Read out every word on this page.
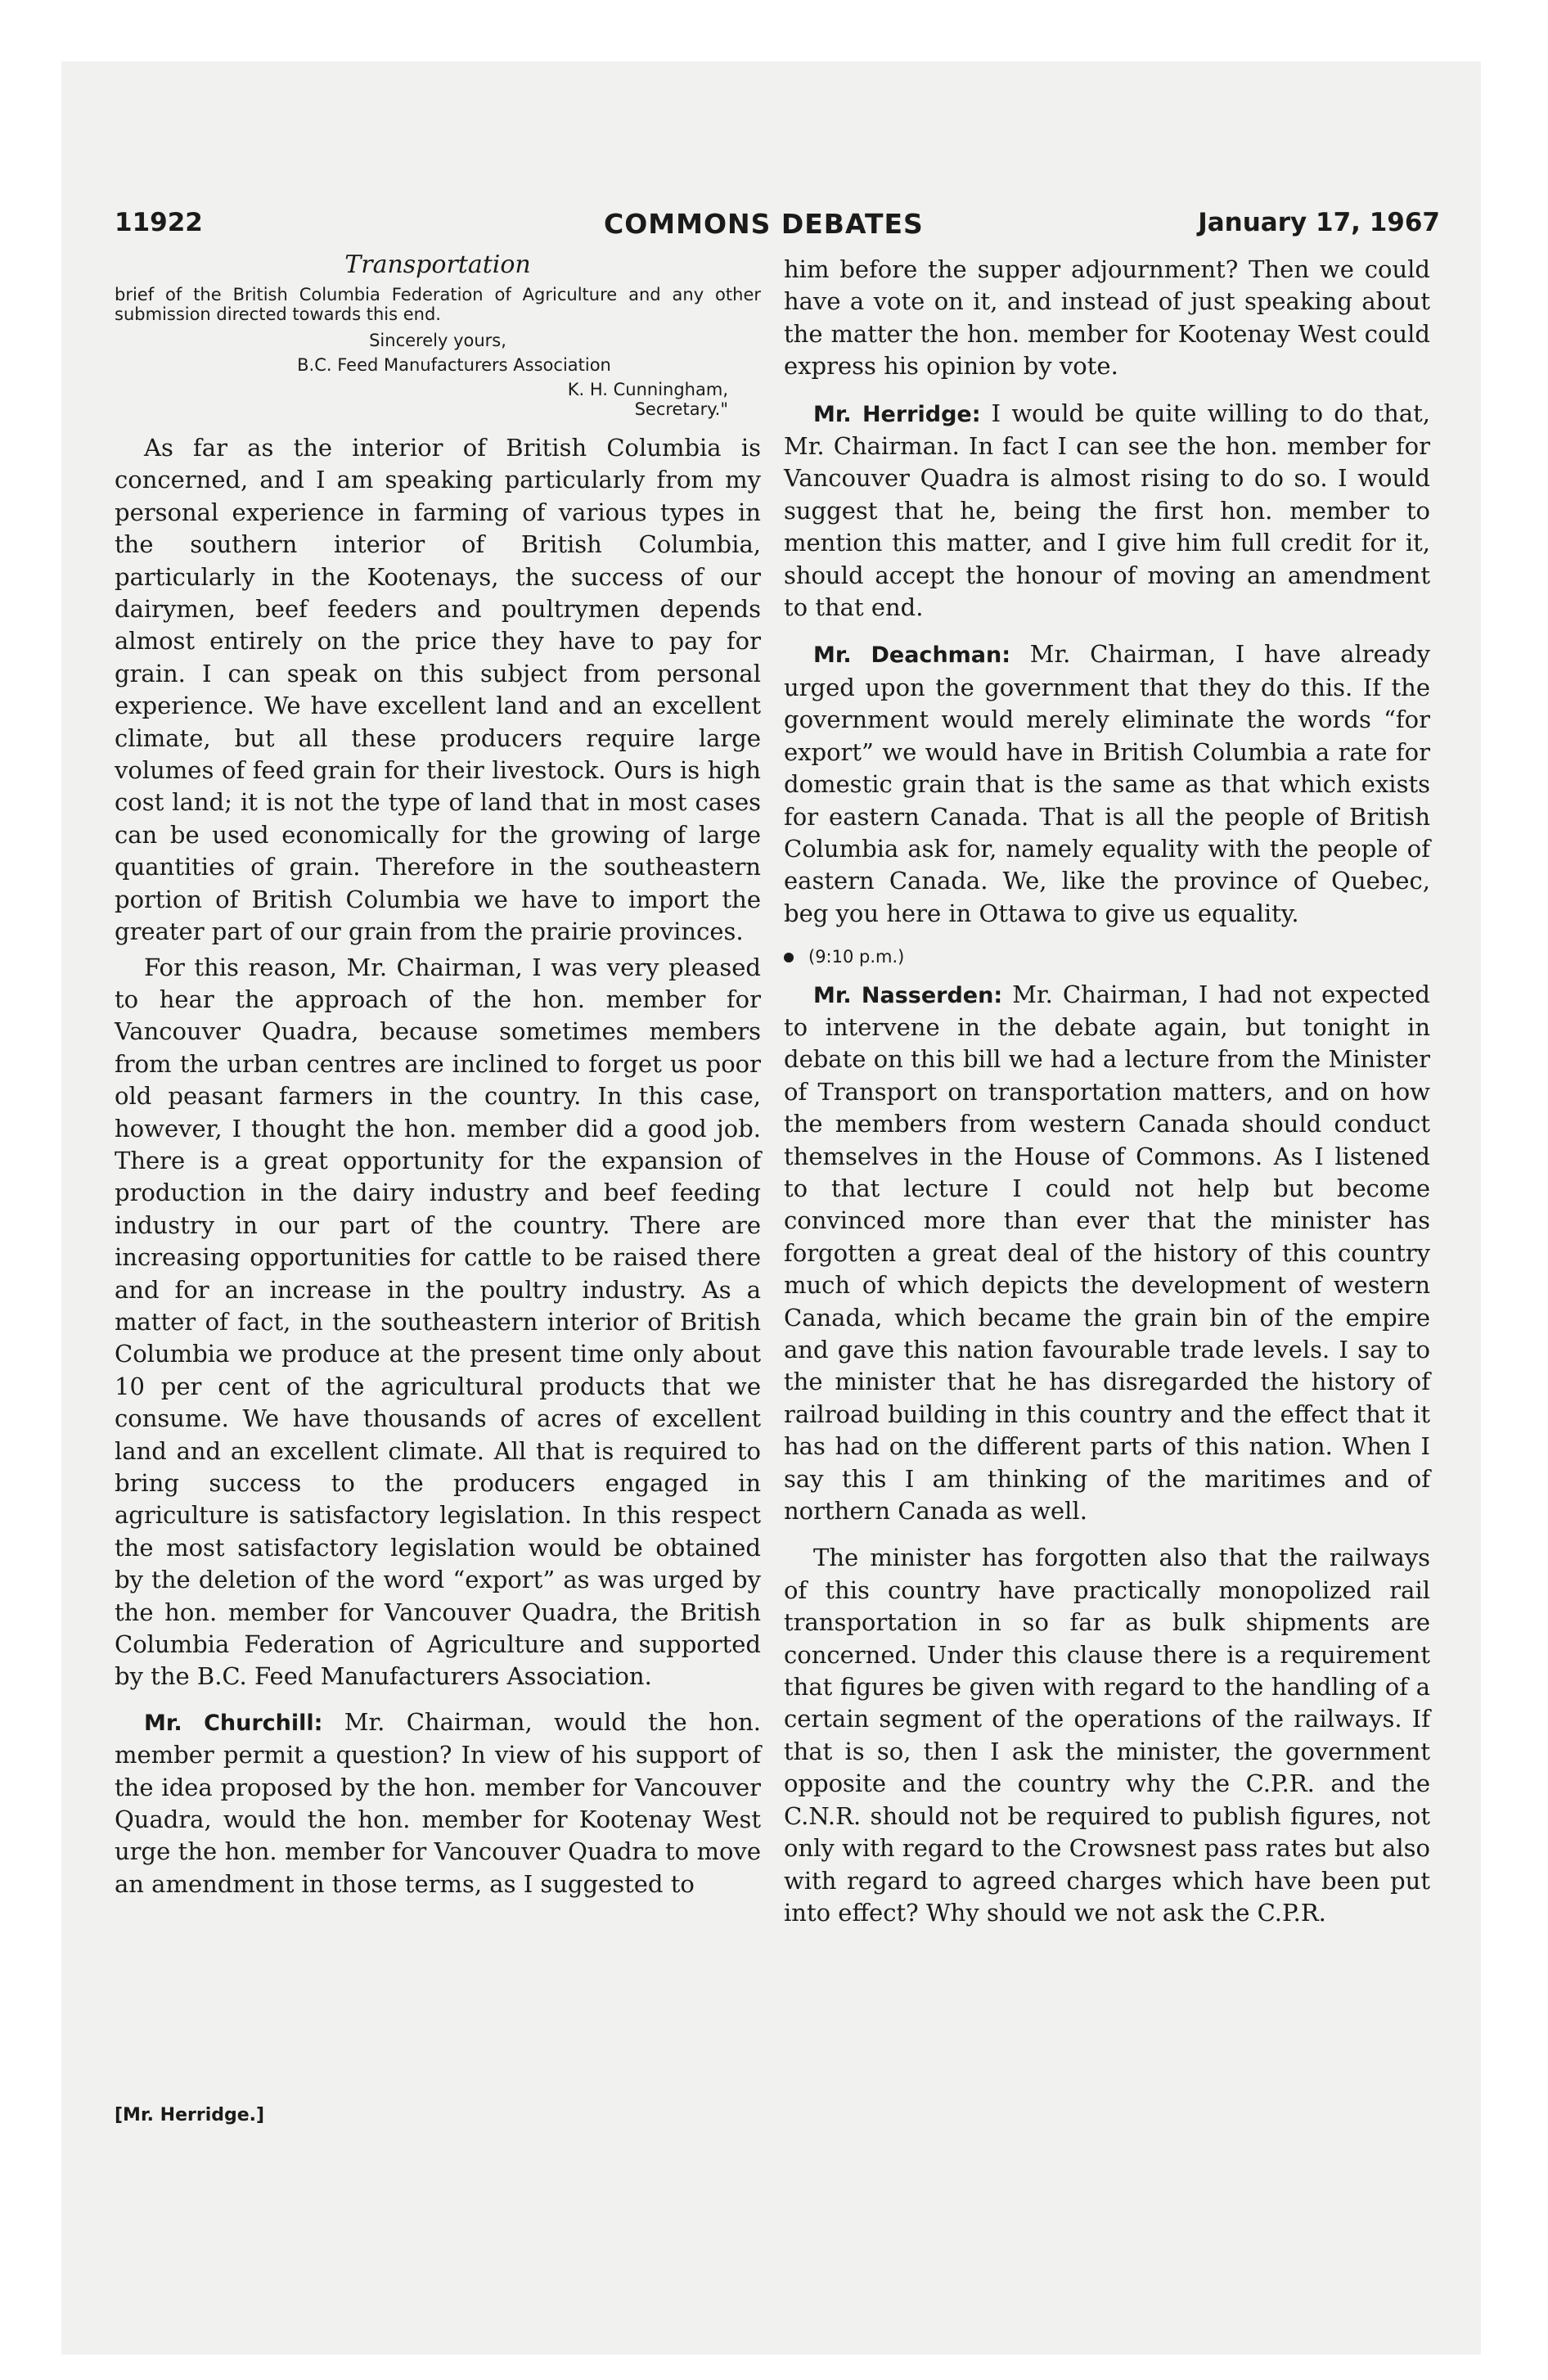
11922	COMMONS DEBATES	January 17, 1967
Transportation
brief of the British Columbia Federation of Agriculture and any other submission directed towards this end.
Sincerely yours,
B.C. Feed Manufacturers Association
K. H. Cunningham,
Secretary."

As far as the interior of British Columbia is concerned, and I am speaking particularly from my personal experience in farming of various types in the southern interior of British Columbia, particularly in the Kootenays, the success of our dairymen, beef feeders and poultrymen depends almost entirely on the price they have to pay for grain. I can speak on this subject from personal experience. We have excellent land and an excellent climate, but all these producers require large volumes of feed grain for their livestock. Ours is high cost land; it is not the type of land that in most cases can be used economically for the growing of large quantities of grain. Therefore in the southeastern portion of British Columbia we have to import the greater part of our grain from the prairie provinces.

For this reason, Mr. Chairman, I was very pleased to hear the approach of the hon. member for Vancouver Quadra, because sometimes members from the urban centres are inclined to forget us poor old peasant farmers in the country. In this case, however, I thought the hon. member did a good job. There is a great opportunity for the expansion of production in the dairy industry and beef feeding industry in our part of the country. There are increasing opportunities for cattle to be raised there and for an increase in the poultry industry. As a matter of fact, in the southeastern interior of British Columbia we produce at the present time only about 10 per cent of the agricultural products that we consume. We have thousands of acres of excellent land and an excellent climate. All that is required to bring success to the producers engaged in agriculture is satisfactory legislation. In this respect the most satisfactory legislation would be obtained by the deletion of the word “export” as was urged by the hon. member for Vancouver Quadra, the British Columbia Federation of Agriculture and supported by the B.C. Feed Manufacturers Association.

Mr. Churchill: Mr. Chairman, would the hon. member permit a question? In view of his support of the idea proposed by the hon. member for Vancouver Quadra, would the hon. member for Kootenay West urge the hon. member for Vancouver Quadra to move an amendment in those terms, as I suggested to

him before the supper adjournment? Then we could have a vote on it, and instead of just speaking about the matter the hon. member for Kootenay West could express his opinion by vote.

Mr. Herridge: I would be quite willing to do that, Mr. Chairman. In fact I can see the hon. member for Vancouver Quadra is almost rising to do so. I would suggest that he, being the first hon. member to mention this matter, and I give him full credit for it, should accept the honour of moving an amendment to that end.

Mr. Deachman: Mr. Chairman, I have already urged upon the government that they do this. If the government would merely eliminate the words “for export” we would have in British Columbia a rate for domestic grain that is the same as that which exists for eastern Canada. That is all the people of British Columbia ask for, namely equality with the people of eastern Canada. We, like the province of Quebec, beg you here in Ottawa to give us equality.

(9:10 p.m.)

Mr. Nasserden: Mr. Chairman, I had not expected to intervene in the debate again, but tonight in debate on this bill we had a lecture from the Minister of Transport on transportation matters, and on how the members from western Canada should conduct themselves in the House of Commons. As I listened to that lecture I could not help but become convinced more than ever that the minister has forgotten a great deal of the history of this country much of which depicts the development of western Canada, which became the grain bin of the empire and gave this nation favourable trade levels. I say to the minister that he has disregarded the history of railroad building in this country and the effect that it has had on the different parts of this nation. When I say this I am thinking of the maritimes and of northern Canada as well.

The minister has forgotten also that the railways of this country have practically monopolized rail transportation in so far as bulk shipments are concerned. Under this clause there is a requirement that figures be given with regard to the handling of a certain segment of the operations of the railways. If that is so, then I ask the minister, the government opposite and the country why the C.P.R. and the C.N.R. should not be required to publish figures, not only with regard to the Crowsnest pass rates but also with regard to agreed charges which have been put into effect? Why should we not ask the C.P.R.

[Mr. Herridge.]
